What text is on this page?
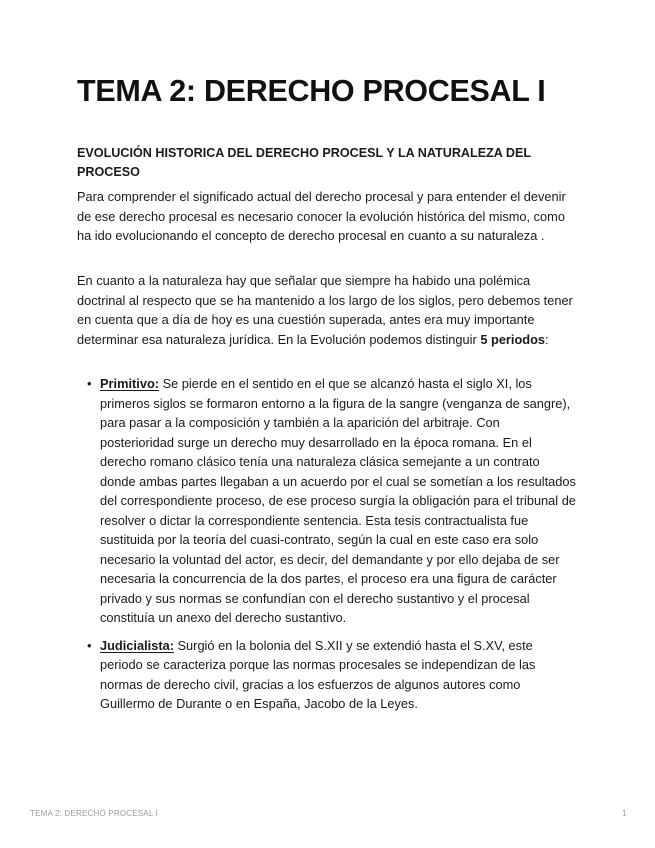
TEMA 2: DERECHO PROCESAL I
EVOLUCIÓN HISTORICA DEL DERECHO PROCESL Y LA NATURALEZA DEL PROCESO

Para comprender el significado actual del derecho procesal y para entender el devenir de ese derecho procesal es necesario conocer la evolución histórica del mismo, como ha ido evolucionando el concepto de derecho procesal en cuanto a su naturaleza .

En cuanto a la naturaleza hay que señalar que siempre ha habido una polémica doctrinal al respecto que se ha mantenido a los largo de los siglos, pero debemos tener en cuenta que a día de hoy es una cuestión superada, antes era muy importante determinar esa naturaleza jurídica. En la Evolución podemos distinguir 5 periodos:

• Primitivo: Se pierde en el sentido en el que se alcanzó hasta el siglo XI, los primeros siglos se formaron entorno a la figura de la sangre (venganza de sangre), para pasar a la composición y también a la aparición del arbitraje. Con posterioridad surge un derecho muy desarrollado en la época romana. En el derecho romano clásico tenía una naturaleza clásica semejante a un contrato donde ambas partes llegaban a un acuerdo por el cual se sometían a los resultados del correspondiente proceso, de ese proceso surgía la obligación para el tribunal de resolver o dictar la correspondiente sentencia. Esta tesis contractualista fue sustituida por la teoría del cuasi-contrato, según la cual en este caso era solo necesario la voluntad del actor, es decir, del demandante y por ello dejaba de ser necesaria la concurrencia de la dos partes, el proceso era una figura de carácter privado y sus normas se confundían con el derecho sustantivo y el procesal constituía un anexo del derecho sustantivo.
• Judicialista: Surgió en la bolonia del S.XII y se extendió hasta el S.XV, este periodo se caracteriza porque las normas procesales se independizan de las normas de derecho civil, gracias a los esfuerzos de algunos autores como Guillermo de Durante o en España, Jacobo de la Leyes.
TEMA 2: DERECHO PROCESAL I	1
